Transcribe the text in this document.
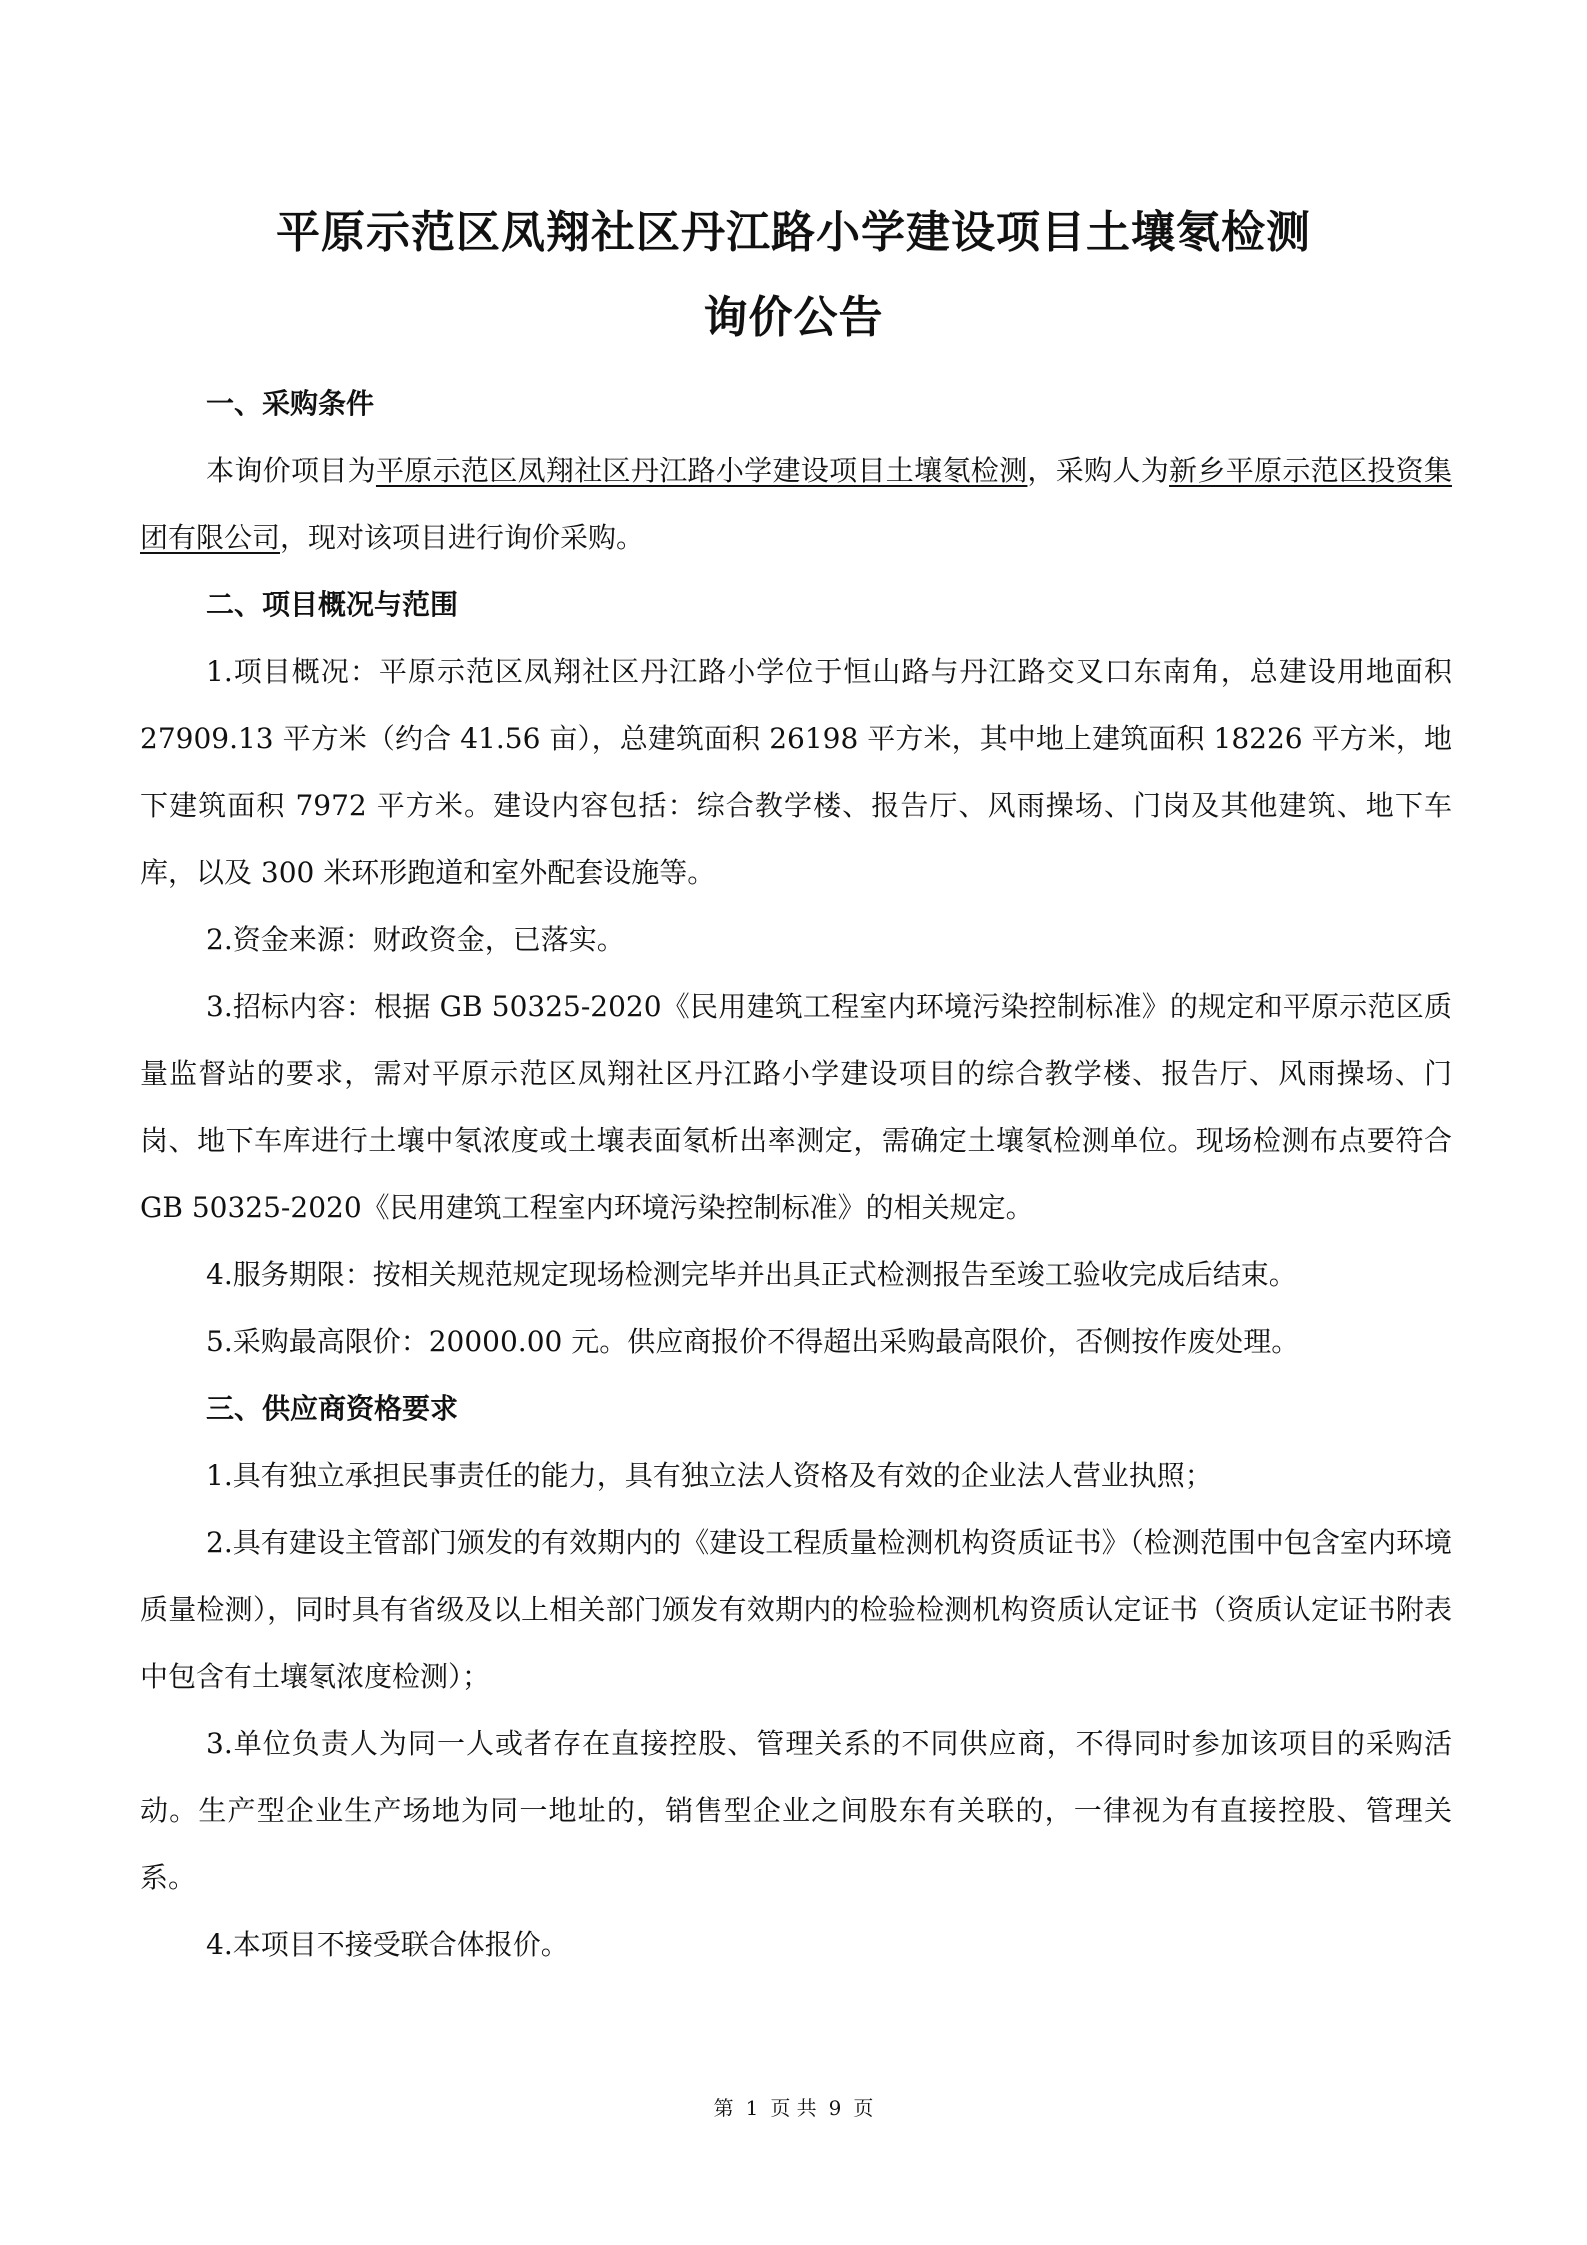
平原示范区凤翔社区丹江路小学建设项目土壤氡检测
询价公告
一、采购条件

本询价项目为平原示范区凤翔社区丹江路小学建设项目土壤氡检测，采购人为新乡平原示范区投资集团有限公司，现对该项目进行询价采购。

二、项目概况与范围

1.项目概况：平原示范区凤翔社区丹江路小学位于恒山路与丹江路交叉口东南角，总建设用地面积 27909.13 平方米（约合 41.56 亩），总建筑面积 26198 平方米，其中地上建筑面积 18226 平方米，地下建筑面积 7972 平方米。建设内容包括：综合教学楼、报告厅、风雨操场、门岗及其他建筑、地下车库，以及 300 米环形跑道和室外配套设施等。

2.资金来源：财政资金，已落实。

3.招标内容：根据 GB 50325-2020《民用建筑工程室内环境污染控制标准》的规定和平原示范区质量监督站的要求，需对平原示范区凤翔社区丹江路小学建设项目的综合教学楼、报告厅、风雨操场、门岗、地下车库进行土壤中氡浓度或土壤表面氡析出率测定，需确定土壤氡检测单位。现场检测布点要符合 GB 50325-2020《民用建筑工程室内环境污染控制标准》的相关规定。

4.服务期限：按相关规范规定现场检测完毕并出具正式检测报告至竣工验收完成后结束。

5.采购最高限价：20000.00 元。供应商报价不得超出采购最高限价，否侧按作废处理。

三、供应商资格要求

1.具有独立承担民事责任的能力，具有独立法人资格及有效的企业法人营业执照；

2.具有建设主管部门颁发的有效期内的《建设工程质量检测机构资质证书》（检测范围中包含室内环境质量检测），同时具有省级及以上相关部门颁发有效期内的检验检测机构资质认定证书（资质认定证书附表中包含有土壤氡浓度检测）；

3.单位负责人为同一人或者存在直接控股、管理关系的不同供应商，不得同时参加该项目的采购活动。生产型企业生产场地为同一地址的，销售型企业之间股东有关联的，一律视为有直接控股、管理关系。

4.本项目不接受联合体报价。

第 1 页 共 9 页
